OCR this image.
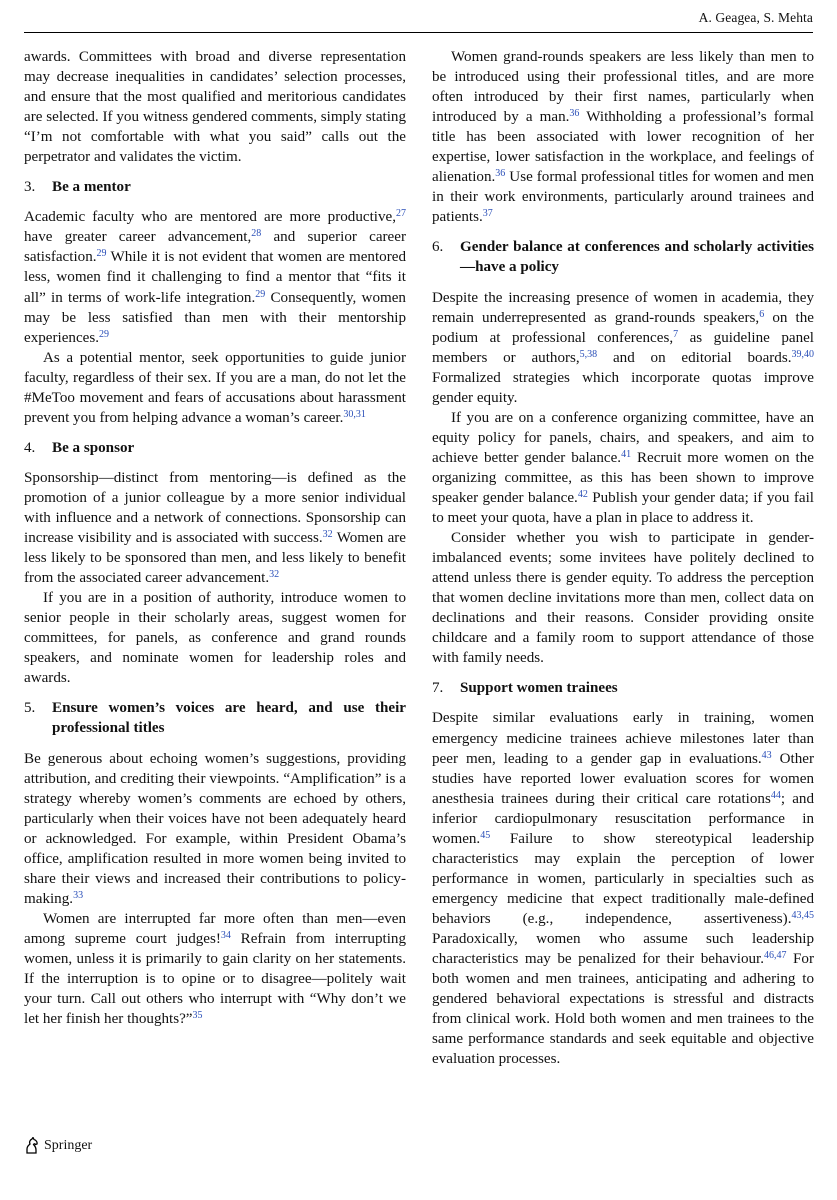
A. Geagea, S. Mehta

awards. Committees with broad and diverse representation may decrease inequalities in candidates’ selection processes, and ensure that the most qualified and meritorious candidates are selected. If you witness gendered comments, simply stating “I’m not comfortable with what you said” calls out the perpetrator and validates the victim.

3.	Be a mentor

Academic faculty who are mentored are more productive,$^{27}$ have greater career advancement,$^{28}$ and superior career satisfaction.$^{29}$ While it is not evident that women are mentored less, women find it challenging to find a mentor that “fits it all” in terms of work-life integration.$^{29}$ Consequently, women may be less satisfied than men with their mentorship experiences.$^{29}$

As a potential mentor, seek opportunities to guide junior faculty, regardless of their sex. If you are a man, do not let the #MeToo movement and fears of accusations about harassment prevent you from helping advance a woman’s career.$^{30,31}$

4.	Be a sponsor

Sponsorship—distinct from mentoring—is defined as the promotion of a junior colleague by a more senior individual with influence and a network of connections. Sponsorship can increase visibility and is associated with success.$^{32}$ Women are less likely to be sponsored than men, and less likely to benefit from the associated career advancement.$^{32}$

If you are in a position of authority, introduce women to senior people in their scholarly areas, suggest women for committees, for panels, as conference and grand rounds speakers, and nominate women for leadership roles and awards.

5.	Ensure women’s voices are heard, and use their professional titles

Be generous about echoing women’s suggestions, providing attribution, and crediting their viewpoints. “Amplification” is a strategy whereby women’s comments are echoed by others, particularly when their voices have not been adequately heard or acknowledged. For example, within President Obama’s office, amplification resulted in more women being invited to share their views and increased their contributions to policy-making.$^{33}$

Women are interrupted far more often than men—even among supreme court judges!$^{34}$ Refrain from interrupting women, unless it is primarily to gain clarity on her statements. If the interruption is to opine or to disagree—politely wait your turn. Call out others who interrupt with “Why don’t we let her finish her thoughts?”$^{35}$

Women grand-rounds speakers are less likely than men to be introduced using their professional titles, and are more often introduced by their first names, particularly when introduced by a man.$^{36}$ Withholding a professional’s formal title has been associated with lower recognition of her expertise, lower satisfaction in the workplace, and feelings of alienation.$^{36}$ Use formal professional titles for women and men in their work environments, particularly around trainees and patients.$^{37}$

6.	Gender balance at conferences and scholarly activities—have a policy

Despite the increasing presence of women in academia, they remain underrepresented as grand-rounds speakers,$^6$ on the podium at professional conferences,$^7$ as guideline panel members or authors,$^{5,38}$ and on editorial boards.$^{39,40}$ Formalized strategies which incorporate quotas improve gender equity.

If you are on a conference organizing committee, have an equity policy for panels, chairs, and speakers, and aim to achieve better gender balance.$^{41}$ Recruit more women on the organizing committee, as this has been shown to improve speaker gender balance.$^{42}$ Publish your gender data; if you fail to meet your quota, have a plan in place to address it.

Consider whether you wish to participate in gender-imbalanced events; some invitees have politely declined to attend unless there is gender equity. To address the perception that women decline invitations more than men, collect data on declinations and their reasons. Consider providing onsite childcare and a family room to support attendance of those with family needs.

7.	Support women trainees

Despite similar evaluations early in training, women emergency medicine trainees achieve milestones later than peer men, leading to a gender gap in evaluations.$^{43}$ Other studies have reported lower evaluation scores for women anesthesia trainees during their critical care rotations$^{44}$; and inferior cardiopulmonary resuscitation performance in women.$^{45}$ Failure to show stereotypical leadership characteristics may explain the perception of lower performance in women, particularly in specialties such as emergency medicine that expect traditionally male-defined behaviors (e.g., independence, assertiveness).$^{43,45}$ Paradoxically, women who assume such leadership characteristics may be penalized for their behaviour.$^{46,47}$ For both women and men trainees, anticipating and adhering to gendered behavioral expectations is stressful and distracts from clinical work. Hold both women and men trainees to the same performance standards and seek equitable and objective evaluation processes.

Springer
